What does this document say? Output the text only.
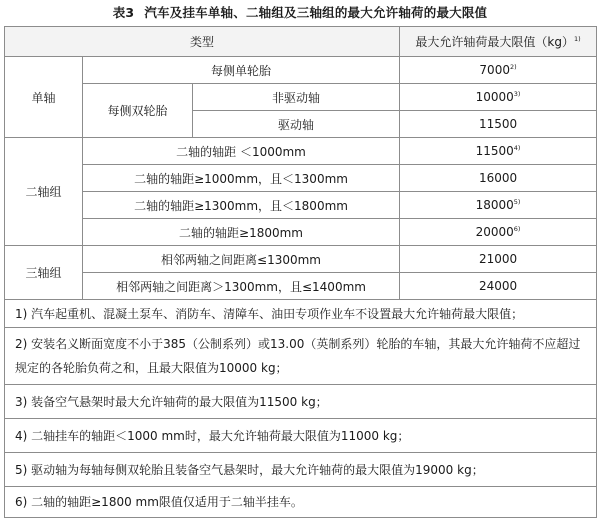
表3 汽车及挂车单轴、二轴组及三轴组的最大允许轴荷的最大限值
类型			最大允许轴荷最大限值（kg）$^{1)}$
单轴	每侧单轮胎		7000$^{2)}$
	每侧双轮胎	非驱动轴	10000$^{3)}$
		驱动轴	11500
二轴组	二轴的轴距 ＜1000mm		11500$^{4)}$
	二轴的轴距≥1000mm，且＜1300mm		16000
	二轴的轴距≥1300mm，且＜1800mm		18000$^{5)}$
	二轴的轴距≥1800mm		20000$^{6)}$
三轴组	相邻两轴之间距离≤1300mm		21000
	相邻两轴之间距离＞1300mm，且≤1400mm		24000
1) 汽车起重机、混凝土泵车、消防车、清障车、油田专项作业车不设置最大允许轴荷最大限值；			
2) 安装名义断面宽度不小于385（公制系列）或13.00（英制系列）轮胎的车轴，其最大允许轴荷不应超过规定的各轮胎负荷之和，且最大限值为10000 kg；			
3) 装备空气悬架时最大允许轴荷的最大限值为11500 kg；			
4) 二轴挂车的轴距＜1000 mm时，最大允许轴荷最大限值为11000 kg；			
5) 驱动轴为每轴每侧双轮胎且装备空气悬架时，最大允许轴荷的最大限值为19000 kg；			
6) 二轴的轴距≥1800 mm限值仅适用于二轴半挂车。			
